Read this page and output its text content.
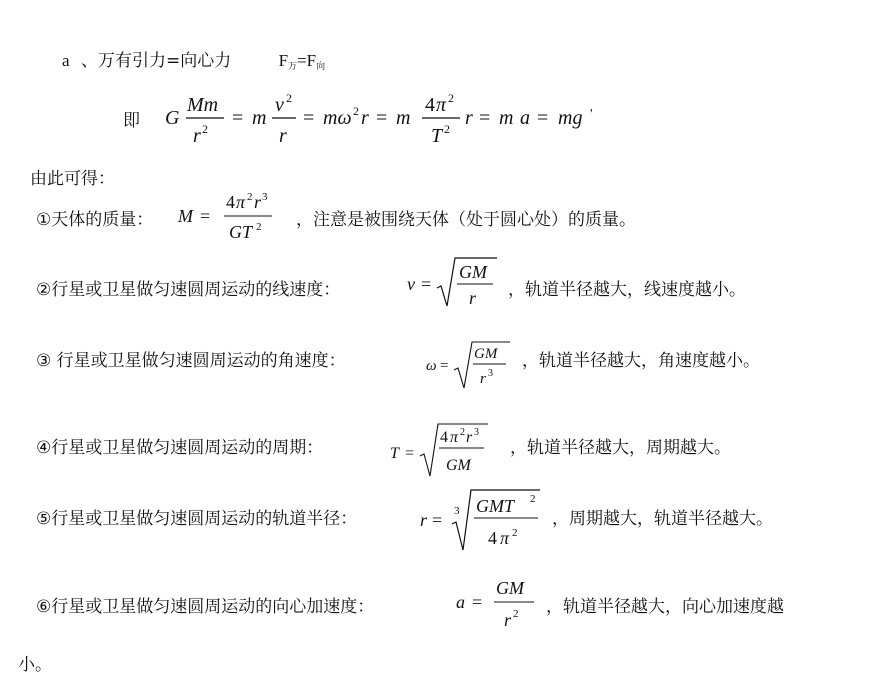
a 、万有引力=向心力	$F_万=F_向$
即 G
Mm
r 2 = m
v 2
r
= mω 2 r = m
4 π 2
T 2 r = m a = mg '
由此可得：
①天体的质量： M =
4 π 2 r 3
GT 2 ，注意是被围绕天体（处于圆心处）的质量。
②行星或卫星做匀速圆周运动的线速度：	v =
GM
r ，轨道半径越大，线速度越小。
③ 行星或卫星做匀速圆周运动的角速度：	ω =
GM
r 3
，轨道半径越大，角速度越小。
④行星或卫星做匀速圆周运动的周期：	T =
4 π 2 r 3
GM
，轨道半径越大，周期越大。
⑤行星或卫星做匀速圆周运动的轨道半径：	r = 3 GMT 2
4 π 2
，周期越大，轨道半径越大。
⑥行星或卫星做匀速圆周运动的向心加速度：	a =
GM
r 2 ，轨道半径越大，向心加速度越
小。
